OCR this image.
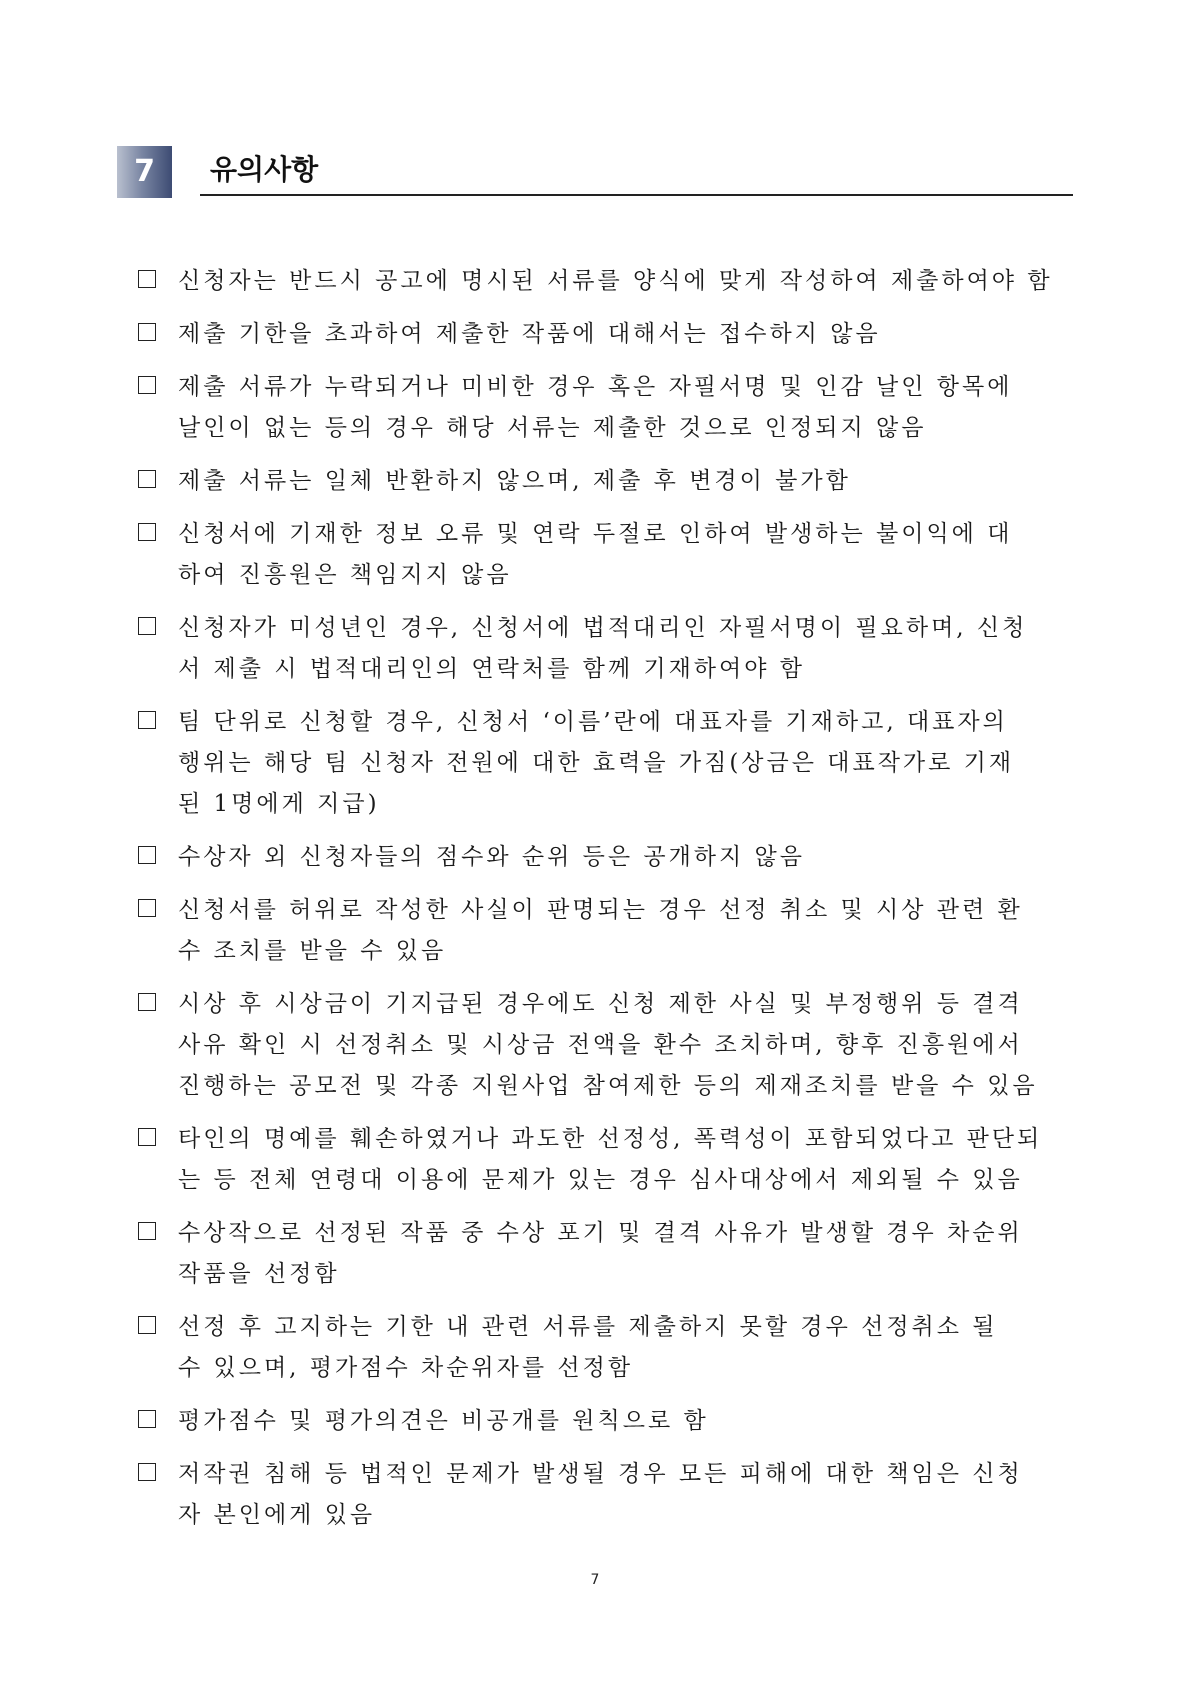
7	유의사항
신청자는 반드시 공고에 명시된 서류를 양식에 맞게 작성하여 제출하여야 함
제출 기한을 초과하여 제출한 작품에 대해서는 접수하지 않음
제출 서류가 누락되거나 미비한 경우 혹은 자필서명 및 인감 날인 항목에
날인이 없는 등의 경우 해당 서류는 제출한 것으로 인정되지 않음
제출 서류는 일체 반환하지 않으며, 제출 후 변경이 불가함
신청서에 기재한 정보 오류 및 연락 두절로 인하여 발생하는 불이익에 대
하여 진흥원은 책임지지 않음
신청자가 미성년인 경우, 신청서에 법적대리인 자필서명이 필요하며, 신청
서 제출 시 법적대리인의 연락처를 함께 기재하여야 함
팀 단위로 신청할 경우, 신청서 ‘이름’란에 대표자를 기재하고, 대표자의
행위는 해당 팀 신청자 전원에 대한 효력을 가짐(상금은 대표작가로 기재
된 1명에게 지급)
수상자 외 신청자들의 점수와 순위 등은 공개하지 않음
신청서를 허위로 작성한 사실이 판명되는 경우 선정 취소 및 시상 관련 환
수 조치를 받을 수 있음
시상 후 시상금이 기지급된 경우에도 신청 제한 사실 및 부정행위 등 결격
사유 확인 시 선정취소 및 시상금 전액을 환수 조치하며, 향후 진흥원에서
진행하는 공모전 및 각종 지원사업 참여제한 등의 제재조치를 받을 수 있음
타인의 명예를 훼손하였거나 과도한 선정성, 폭력성이 포함되었다고 판단되
는 등 전체 연령대 이용에 문제가 있는 경우 심사대상에서 제외될 수 있음
수상작으로 선정된 작품 중 수상 포기 및 결격 사유가 발생할 경우 차순위
작품을 선정함
선정 후 고지하는 기한 내 관련 서류를 제출하지 못할 경우 선정취소 될
수 있으며, 평가점수 차순위자를 선정함
평가점수 및 평가의견은 비공개를 원칙으로 함
저작권 침해 등 법적인 문제가 발생될 경우 모든 피해에 대한 책임은 신청
자 본인에게 있음
7
